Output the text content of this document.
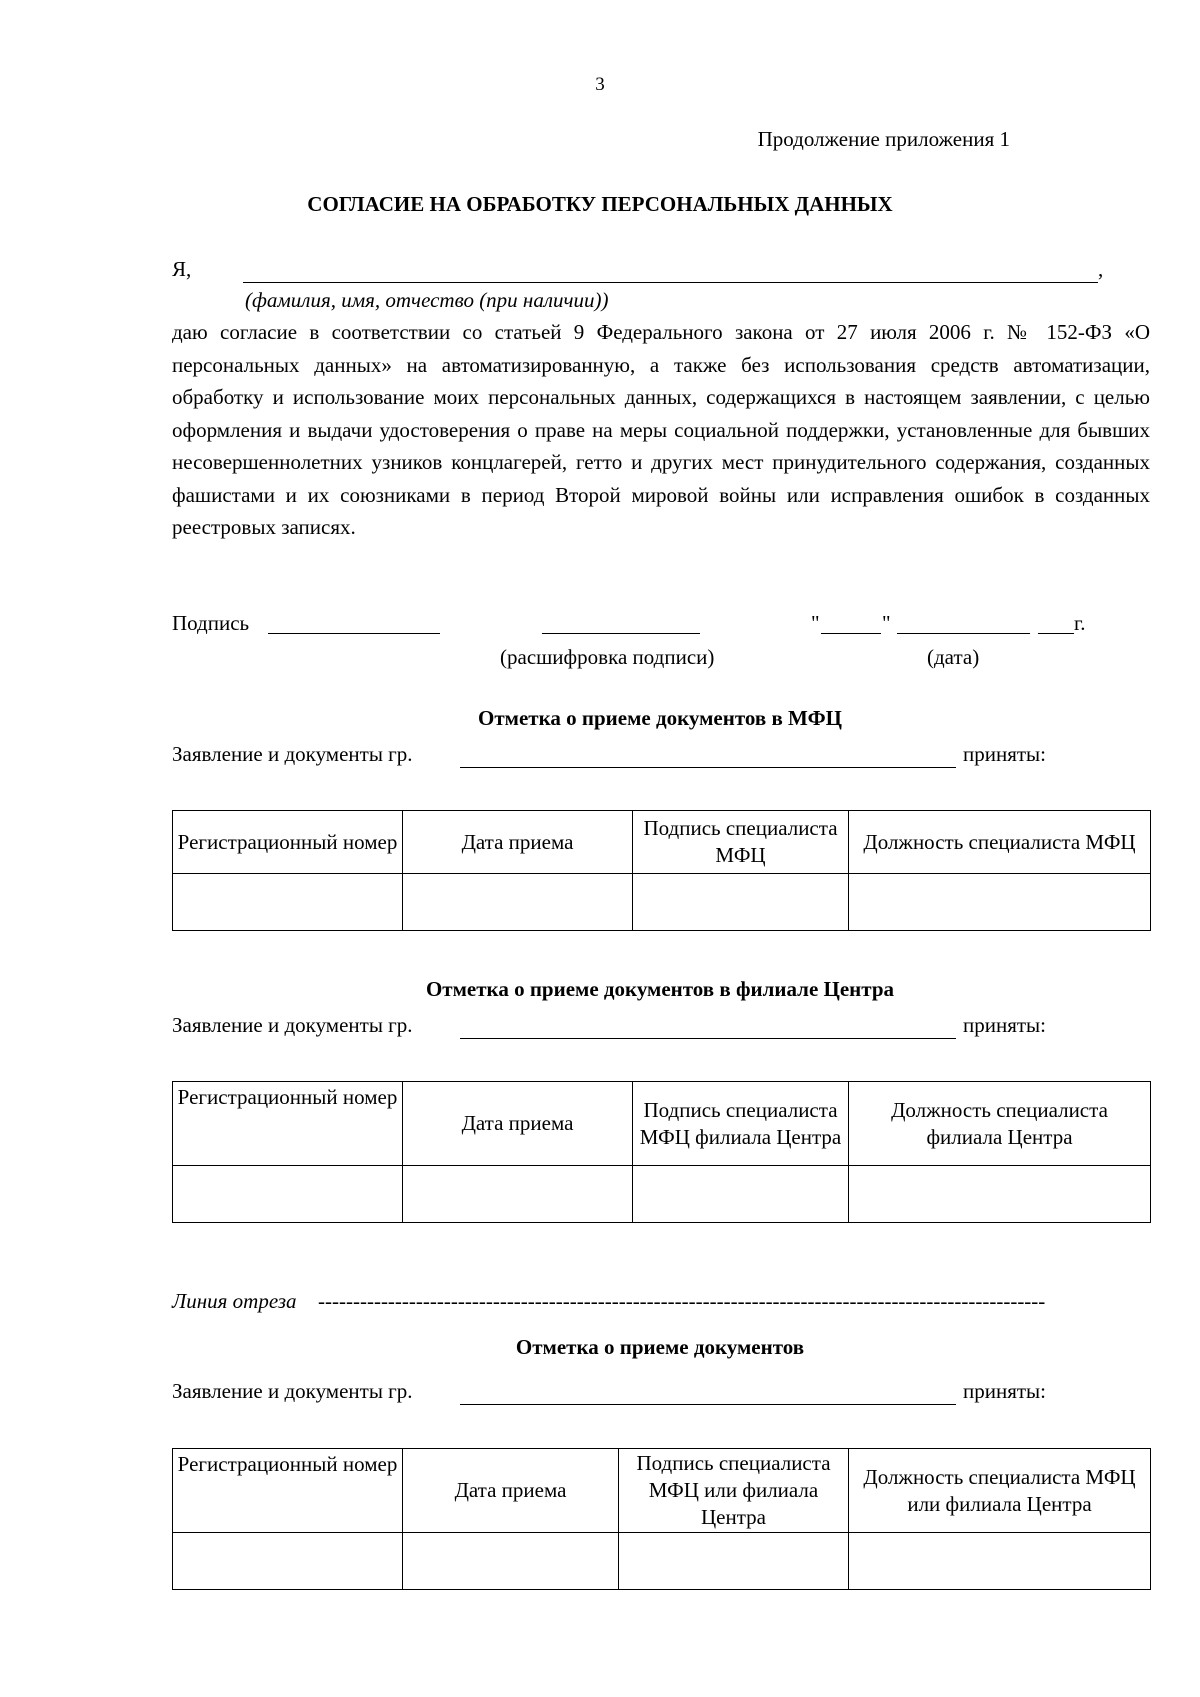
3
Продолжение приложения 1
СОГЛАСИЕ НА ОБРАБОТКУ ПЕРСОНАЛЬНЫХ ДАННЫХ
Я,	,
(фамилия, имя, отчество (при наличии))
даю согласие в соответствии со статьей 9 Федерального закона от 27 июля 2006 г. № 152-ФЗ «О персональных данных» на автоматизированную, а также без использования средств автоматизации, обработку и использование моих персональных данных, содержащихся в настоящем заявлении, с целью оформления и выдачи удостоверения о праве на меры социальной поддержки, установленные для бывших несовершеннолетних узников концлагерей, гетто и других мест принудительного содержания, созданных фашистами и их союзниками в период Второй мировой войны или исправления ошибок в созданных реестровых записях.
Подпись	"	"	г.
(расшифровка подписи)	(дата)
Отметка о приеме документов в МФЦ
Заявление и документы гр.	приняты:
Регистрационный номер	Дата приема	Подпись специалиста МФЦ	Должность специалиста МФЦ

Отметка о приеме документов в филиале Центра
Заявление и документы гр.	приняты:
Регистрационный номер	Дата приема	Подпись специалиста МФЦ филиала Центра	Должность специалиста филиала Центра

Линия отреза --------------------------------------------------------------------------------------------------------
Отметка о приеме документов
Заявление и документы гр.	приняты:
Регистрационный номер	Дата приема	Подпись специалиста МФЦ или филиала Центра	Должность специалиста МФЦ или филиала Центра
